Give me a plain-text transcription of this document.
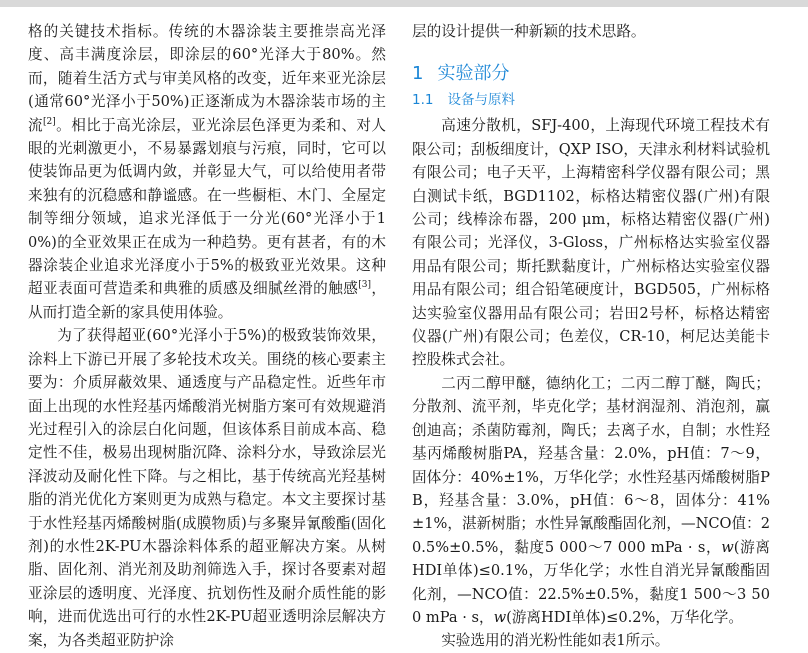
格的关键技术指标。传统的木器涂装主要推崇高光泽度、高丰满度涂层，即涂层的60°光泽大于80%。然而，随着生活方式与审美风格的改变，近年来亚光涂层(通常60°光泽小于50%)正逐渐成为木器涂装市场的主流[2]。相比于高光涂层，亚光涂层色泽更为柔和、对人眼的光刺激更小，不易暴露划痕与污痕，同时，它可以使装饰品更为低调内敛，并彰显大气，可以给使用者带来独有的沉稳感和静谧感。在一些橱柜、木门、全屋定制等细分领域，追求光泽低于一分光(60°光泽小于10%)的全亚效果正在成为一种趋势。更有甚者，有的木器涂装企业追求光泽度小于5%的极致亚光效果。这种超亚表面可营造柔和典雅的质感及细腻丝滑的触感[3]，从而打造全新的家具使用体验。

为了获得超亚(60°光泽小于5%)的极致装饰效果，涂料上下游已开展了多轮技术攻关。围绕的核心要素主要为：介质屏蔽效果、通透度与产品稳定性。近些年市面上出现的水性羟基丙烯酸消光树脂方案可有效规避消光过程引入的涂层白化问题，但该体系目前成本高、稳定性不佳，极易出现树脂沉降、涂料分水，导致涂层光泽波动及耐化性下降。与之相比，基于传统高光羟基树脂的消光优化方案则更为成熟与稳定。本文主要探讨基于水性羟基丙烯酸树脂(成膜物质)与多聚异氰酸酯(固化剂)的水性2K-PU木器涂料体系的超亚解决方案。从树脂、固化剂、消光剂及助剂筛选入手，探讨各要素对超亚涂层的透明度、光泽度、抗划伤性及耐介质性能的影响，进而优选出可行的水性2K-PU超亚透明涂层解决方案，为各类超亚防护涂

层的设计提供一种新颖的技术思路。

1 实验部分
1.1 设备与原料

高速分散机，SFJ-400，上海现代环境工程技术有限公司；刮板细度计，QXP ISO，天津永利材料试验机有限公司；电子天平，上海精密科学仪器有限公司；黑白测试卡纸，BGD1102，标格达精密仪器(广州)有限公司；线棒涂布器，200 μm，标格达精密仪器(广州)有限公司；光泽仪，3-Gloss，广州标格达实验室仪器用品有限公司；斯托默黏度计，广州标格达实验室仪器用品有限公司；组合铅笔硬度计，BGD505，广州标格达实验室仪器用品有限公司；岩田2号杯，标格达精密仪器(广州)有限公司；色差仪，CR-10，柯尼达美能卡控股株式会社。

二丙二醇甲醚，德纳化工；二丙二醇丁醚，陶氏；分散剂、流平剂，毕克化学；基材润湿剂、消泡剂，赢创迪高；杀菌防霉剂，陶氏；去离子水，自制；水性羟基丙烯酸树脂PA，羟基含量：2.0%，pH值：7～9，固体分：40%±1%，万华化学；水性羟基丙烯酸树脂PB，羟基含量：3.0%，pH值：6～8，固体分：41%±1%，湛新树脂；水性异氰酸酯固化剂，—NCO值：20.5%±0.5%，黏度5 000～7 000 mPa · s，w(游离HDI单体)≤0.1%，万华化学；水性自消光异氰酸酯固化剂，—NCO值：22.5%±0.5%，黏度1 500～3 500 mPa · s，w(游离HDI单体)≤0.2%，万华化学。

实验选用的消光粉性能如表1所示。
